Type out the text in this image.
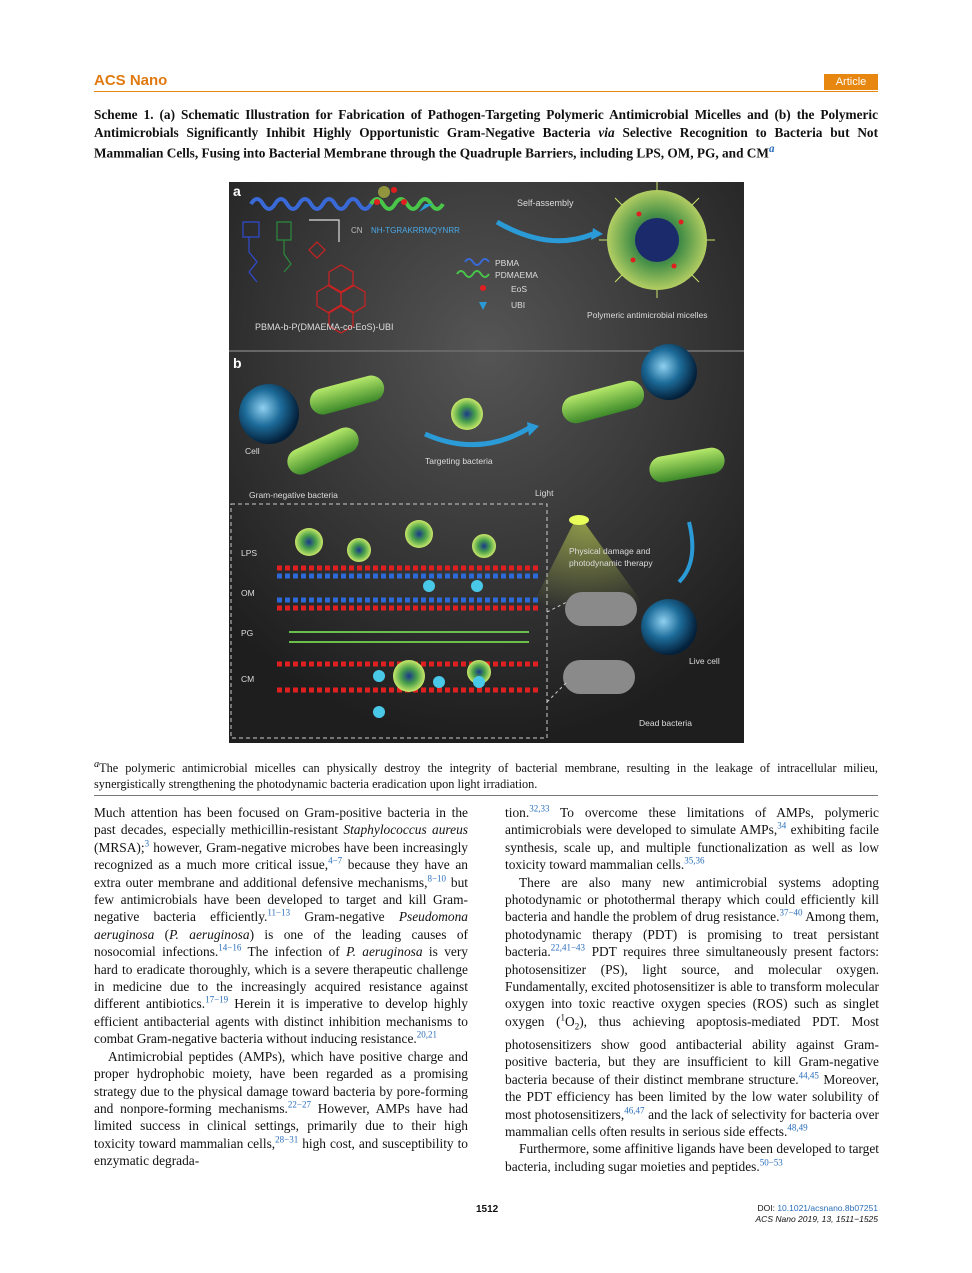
ACS Nano	Article
Scheme 1. (a) Schematic Illustration for Fabrication of Pathogen-Targeting Polymeric Antimicrobial Micelles and (b) the Polymeric Antimicrobials Significantly Inhibit Highly Opportunistic Gram-Negative Bacteria via Selective Recognition to Bacteria but Not Mammalian Cells, Fusing into Bacterial Membrane through the Quadruple Barriers, including LPS, OM, PG, and $CM^a$
a
CN NH-TGRAKRRMQYNRR
PBMA-b-P(DMAEMA-co-EoS)-UBI
Self-assembly
PBMA
PDMAEMA
EoS
UBI
Polymeric antimicrobial micelles
b
Cell
Gram-negative bacteria
Targeting bacteria
Light
Physical damage and
photodynamic therapy
Live cell
Dead bacteria
LPS
OM
PG
CM
$^a$The polymeric antimicrobial micelles can physically destroy the integrity of bacterial membrane, resulting in the leakage of intracellular milieu, synergistically strengthening the photodynamic bacteria eradication upon light irradiation.

Much attention has been focused on Gram-positive bacteria in the past decades, especially methicillin-resistant Staphylococcus aureus (MRSA);$^3$ however, Gram-negative microbes have been increasingly recognized as a much more critical issue,$^{4-7}$ because they have an extra outer membrane and additional defensive mechanisms,$^{8-10}$ but few antimicrobials have been developed to target and kill Gram-negative bacteria efficiently.$^{11-13}$ Gram-negative Pseudomona aeruginosa (P. aeruginosa) is one of the leading causes of nosocomial infections.$^{14-16}$ The infection of P. aeruginosa is very hard to eradicate thoroughly, which is a severe therapeutic challenge in medicine due to the increasingly acquired resistance against different antibiotics.$^{17-19}$ Herein it is imperative to develop highly efficient antibacterial agents with distinct inhibition mechanisms to combat Gram-negative bacteria without inducing resistance.$^{20,21}$

Antimicrobial peptides (AMPs), which have positive charge and proper hydrophobic moiety, have been regarded as a promising strategy due to the physical damage toward bacteria by pore-forming and nonpore-forming mechanisms.$^{22-27}$ However, AMPs have had limited success in clinical settings, primarily due to their high toxicity toward mammalian cells,$^{28-31}$ high cost, and susceptibility to enzymatic degrada-

tion.$^{32,33}$ To overcome these limitations of AMPs, polymeric antimicrobials were developed to simulate AMPs,$^{34}$ exhibiting facile synthesis, scale up, and multiple functionalization as well as low toxicity toward mammalian cells.$^{35,36}$

There are also many new antimicrobial systems adopting photodynamic or photothermal therapy which could efficiently kill bacteria and handle the problem of drug resistance.$^{37-40}$ Among them, photodynamic therapy (PDT) is promising to treat persistant bacteria.$^{22,41-43}$ PDT requires three simultaneously present factors: photosensitizer (PS), light source, and molecular oxygen. Fundamentally, excited photosensitizer is able to transform molecular oxygen into toxic reactive oxygen species (ROS) such as singlet oxygen $(^1O_2)$, thus achieving apoptosis-mediated PDT. Most photosensitizers show good antibacterial ability against Gram-positive bacteria, but they are insufficient to kill Gram-negative bacteria because of their distinct membrane structure.$^{44,45}$ Moreover, the PDT efficiency has been limited by the low water solubility of most photosensitizers,$^{46,47}$ and the lack of selectivity for bacteria over mammalian cells often results in serious side effects.$^{48,49}$

Furthermore, some affinitive ligands have been developed to target bacteria, including sugar moieties and peptides.$^{50-53}$

1512	DOI: 10.1021/acsnano.8b07251
ACS Nano 2019, 13, 1511−1525
